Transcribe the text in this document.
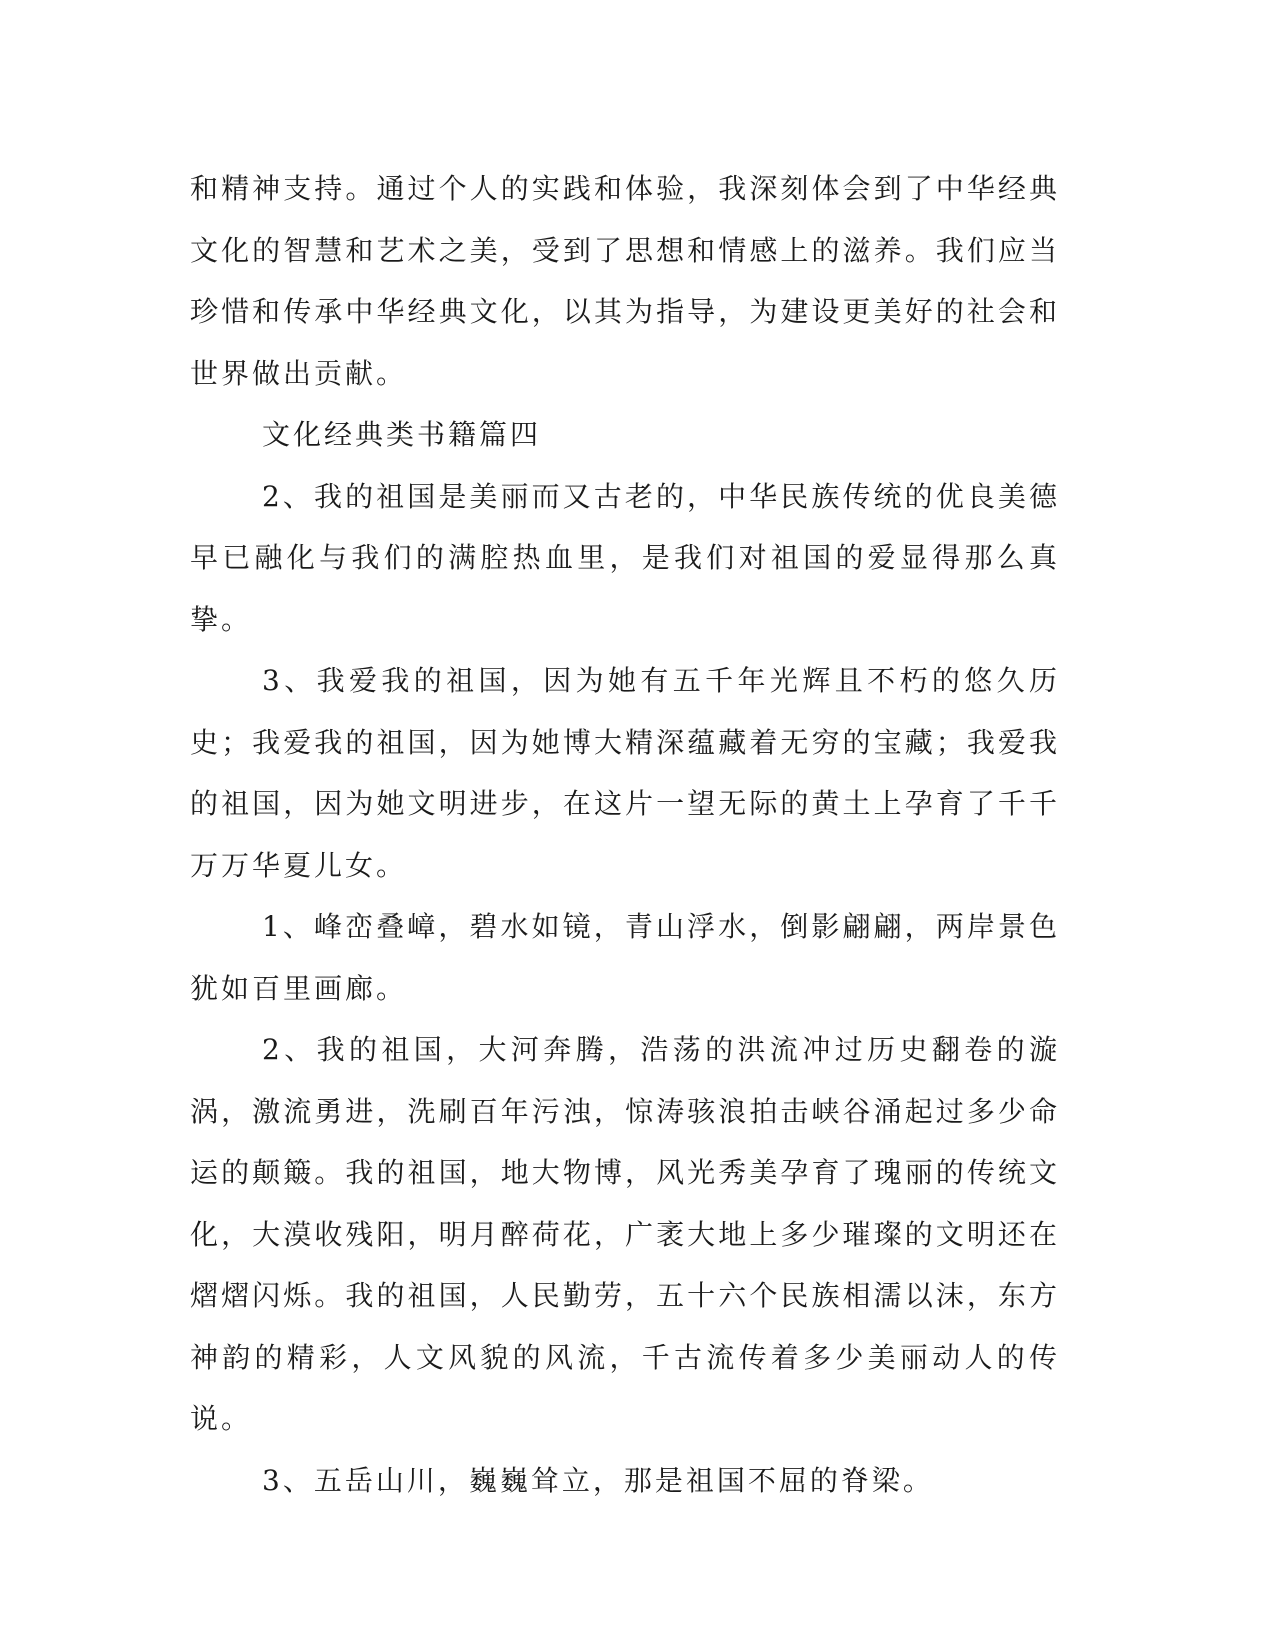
和精神支持。通过个人的实践和体验，我深刻体会到了中华经典文化的智慧和艺术之美，受到了思想和情感上的滋养。我们应当珍惜和传承中华经典文化，以其为指导，为建设更美好的社会和世界做出贡献。

文化经典类书籍篇四

2、我的祖国是美丽而又古老的，中华民族传统的优良美德早已融化与我们的满腔热血里，是我们对祖国的爱显得那么真挚。

3、我爱我的祖国，因为她有五千年光辉且不朽的悠久历史；我爱我的祖国，因为她博大精深蕴藏着无穷的宝藏；我爱我的祖国，因为她文明进步，在这片一望无际的黄土上孕育了千千万万华夏儿女。

1、峰峦叠嶂，碧水如镜，青山浮水，倒影翩翩，两岸景色犹如百里画廊。

2、我的祖国，大河奔腾，浩荡的洪流冲过历史翻卷的漩涡，激流勇进，洗刷百年污浊，惊涛骇浪拍击峡谷涌起过多少命运的颠簸。我的祖国，地大物博，风光秀美孕育了瑰丽的传统文化，大漠收残阳，明月醉荷花，广袤大地上多少璀璨的文明还在熠熠闪烁。我的祖国，人民勤劳，五十六个民族相濡以沫，东方神韵的精彩，人文风貌的风流，千古流传着多少美丽动人的传说。

3、五岳山川，巍巍耸立，那是祖国不屈的脊梁。
